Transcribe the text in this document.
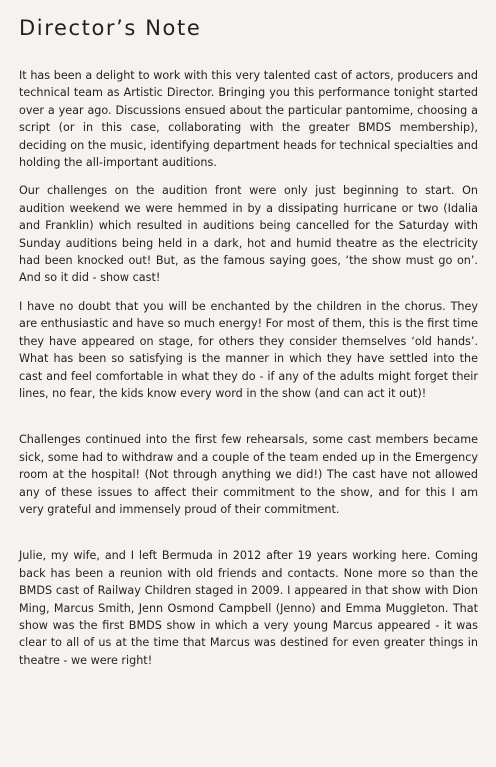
Director’s Note

It has been a delight to work with this very talented cast of actors, producers and technical team as Artistic Director. Bringing you this performance tonight started over a year ago. Discussions ensued about the particular pantomime, choosing a script (or in this case, collaborating with the greater BMDS membership), deciding on the music, identifying department heads for technical specialties and holding the all-important auditions.

Our challenges on the audition front were only just beginning to start. On audition weekend we were hemmed in by a dissipating hurricane or two (Idalia and Franklin) which resulted in auditions being cancelled for the Saturday with Sunday auditions being held in a dark, hot and humid theatre as the electricity had been knocked out! But, as the famous saying goes, ‘the show must go on’. And so it did - show cast!

I have no doubt that you will be enchanted by the children in the chorus. They are enthusiastic and have so much energy! For most of them, this is the first time they have appeared on stage, for others they consider themselves ‘old hands’. What has been so satisfying is the manner in which they have settled into the cast and feel comfortable in what they do - if any of the adults might forget their lines, no fear, the kids know every word in the show (and can act it out)!

Challenges continued into the first few rehearsals, some cast members became sick, some had to withdraw and a couple of the team ended up in the Emergency room at the hospital! (Not through anything we did!) The cast have not allowed any of these issues to affect their commitment to the show, and for this I am very grateful and immensely proud of their commitment.

Julie, my wife, and I left Bermuda in 2012 after 19 years working here. Coming back has been a reunion with old friends and contacts. None more so than the BMDS cast of Railway Children staged in 2009. I appeared in that show with Dion Ming, Marcus Smith, Jenn Osmond Campbell (Jenno) and Emma Muggleton. That show was the first BMDS show in which a very young Marcus appeared - it was clear to all of us at the time that Marcus was destined for even greater things in theatre - we were right!
